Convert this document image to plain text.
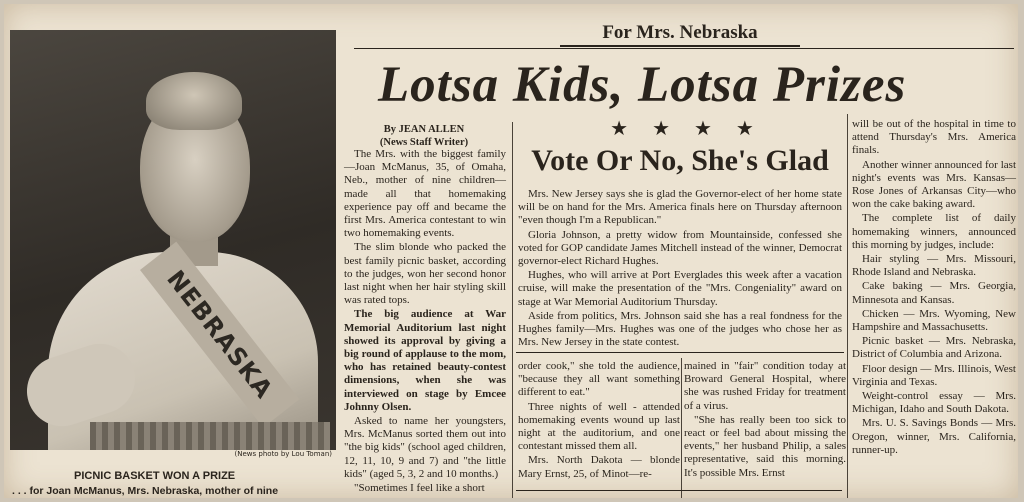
NEBRASKA
(News photo by Lou Toman)
PICNIC BASKET WON A PRIZE
. . . for Joan McManus, Mrs. Nebraska, mother of nine
For Mrs. Nebraska
Lotsa Kids, Lotsa Prizes
By JEAN ALLEN
(News Staff Writer)

The Mrs. with the biggest family—Joan McManus, 35, of Omaha, Neb., mother of nine children—made all that homemaking experience pay off and became the first Mrs. America contestant to win two homemaking events.

The slim blonde who packed the best family picnic basket, according to the judges, won her second honor last night when her hair styling skill was rated tops.

The big audience at War Memorial Auditorium last night showed its approval by giving a big round of applause to the mom, who has retained beauty-contest dimensions, when she was interviewed on stage by Emcee Johnny Olsen.

Asked to name her youngsters, Mrs. McManus sorted them out into "the big kids" (school aged children, 12, 11, 10, 9 and 7) and "the little kids" (aged 5, 3, 2 and 10 months.)

"Sometimes I feel like a short

★★★★
Vote Or No, She's Glad

Mrs. New Jersey says she is glad the Governor-elect of her home state will be on hand for the Mrs. America finals here on Thursday afternoon "even though I'm a Republican."

Gloria Johnson, a pretty widow from Mountainside, confessed she voted for GOP candidate James Mitchell instead of the winner, Democrat governor-elect Richard Hughes.

Hughes, who will arrive at Port Everglades this week after a vacation cruise, will make the presentation of the "Mrs. Congeniality" award on stage at War Memorial Auditorium Thursday.

Aside from politics, Mrs. Johnson said she has a real fondness for the Hughes family—Mrs. Hughes was one of the judges who chose her as Mrs. New Jersey in the state contest.

order cook," she told the audience, "because they all want something different to eat."

Three nights of well - attended homemaking events wound up last night at the auditorium, and one contestant missed them all.

Mrs. North Dakota — blonde Mary Ernst, 25, of Minot—re-

mained in "fair" condition today at Broward General Hospital, where she was rushed Friday for treatment of a virus.

"She has really been too sick to react or feel bad about missing the events," her husband Philip, a sales representative, said this morning. It's possible Mrs. Ernst

will be out of the hospital in time to attend Thursday's Mrs. America finals.

Another winner announced for last night's events was Mrs. Kansas—Rose Jones of Arkansas City—who won the cake baking award.

The complete list of daily homemaking winners, announced this morning by judges, include:

Hair styling — Mrs. Missouri, Rhode Island and Nebraska.

Cake baking — Mrs. Georgia, Minnesota and Kansas.

Chicken — Mrs. Wyoming, New Hampshire and Massachusetts.

Picnic basket — Mrs. Nebraska, District of Columbia and Arizona.

Floor design — Mrs. Illinois, West Virginia and Texas.

Weight-control essay — Mrs. Michigan, Idaho and South Dakota.

Mrs. U. S. Savings Bonds — Mrs. Oregon, winner, Mrs. California, runner-up.
